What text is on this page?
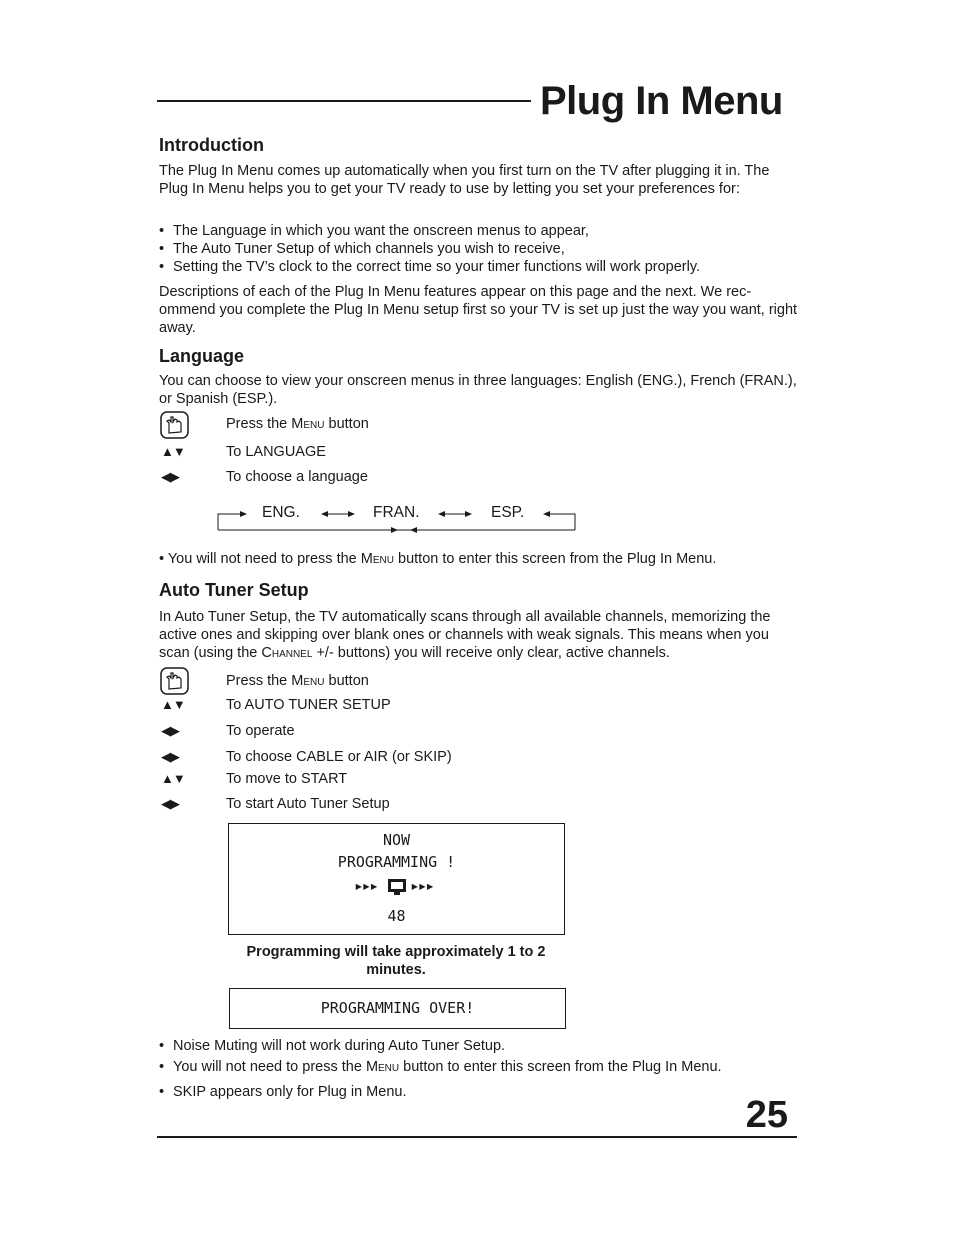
Plug In Menu
Introduction
The Plug In Menu comes up automatically when you first turn on the TV after plugging it in. The Plug In Menu helps you to get your TV ready to use by letting you set your preferences for:
• The Language in which you want the onscreen menus to appear,
• The Auto Tuner Setup of which channels you wish to receive,
• Setting the TV’s clock to the correct time so your timer functions will work properly.
Descriptions of each of the Plug In Menu features appear on this page and the next. We rec-ommend you complete the Plug In Menu setup first so your TV is set up just the way you want, right away.
Language
You can choose to view your onscreen menus in three languages: English (ENG.), French (FRAN.), or Spanish (ESP.).
Press the Menu button
▲▼	To LANGUAGE
◀▶	To choose a language
ENG.	FRAN.	ESP.
• You will not need to press the Menu button to enter this screen from the Plug In Menu.
Auto Tuner Setup
In Auto Tuner Setup, the TV automatically scans through all available channels, memorizing the active ones and skipping over blank ones or channels with weak signals. This means when you scan (using the Channel +/- buttons) you will receive only clear, active channels.
Press the Menu button
▲▼	To AUTO TUNER SETUP
◀▶	To operate
◀▶	To choose CABLE or AIR (or SKIP)
▲▼	To move to START
◀▶	To start Auto Tuner Setup
NOW
PROGRAMMING !
▸▸▸ ▸▸▸
48
Programming will take approximately 1 to 2 minutes.
PROGRAMMING OVER!
• Noise Muting will not work during Auto Tuner Setup.
• You will not need to press the Menu button to enter this screen from the Plug In Menu.
• SKIP appears only for Plug in Menu.
25
